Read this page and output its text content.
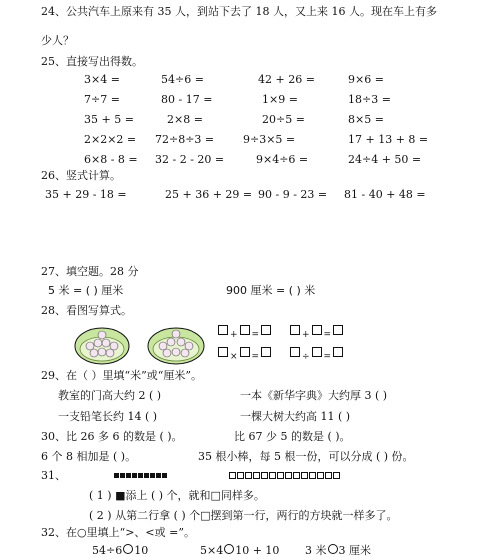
24、公共汽车上原来有 35 人，到站下去了 18 人，又上来 16 人。现在车上有多
少人？
25、直接写出得数。
3×4 =	54÷6 =	42 + 26 =	9×6 =
7÷7 =	80 - 17 =	1×9 =	18÷3 =
35 + 5 =	2×8 =	20÷5 =	8×5 =
2×2×2 = 72÷8÷3 =	9÷3×5 =	17 + 13 + 8 =
6×8 - 8 = 32 - 2 - 20 =	9×4÷6 =	24÷4 + 50 =
26、竖式计算。
35 + 29 - 18 =	25 + 36 + 29 = 90 - 9 - 23 = 81 - 40 + 48 =
27、填空题。28 分
5 米 = ( ) 厘米	900 厘米 = ( ) 米
28、看图写算式。
$_+$ $_=$	$_+$ $_=$
$_\times$ $_=$	$_\div$ $_=$
29、在（ ）里填“米”或“厘米”。
教室的门高大约 2 ( )	一本《新华字典》大约厚 3 ( )
一支铅笔长约 14 ( )	一棵大树大约高 11 ( )
30、比 26 多 6 的数是 ( )。	比 67 少 5 的数是 ( )。
6 个 8 相加是 ( )。	35 根小棒，每 5 根一份，可以分成 ( ) 份。
31、
( 1 ) ■添上 ( ) 个，就和□同样多。
( 2 ) 从第二行拿 ( ) 个□摆到第一行，两行的方块就一样多了。
32、在○里填上“>、<或 =”。
54÷6 10	5×4 10 + 10 3 米 3 厘米
